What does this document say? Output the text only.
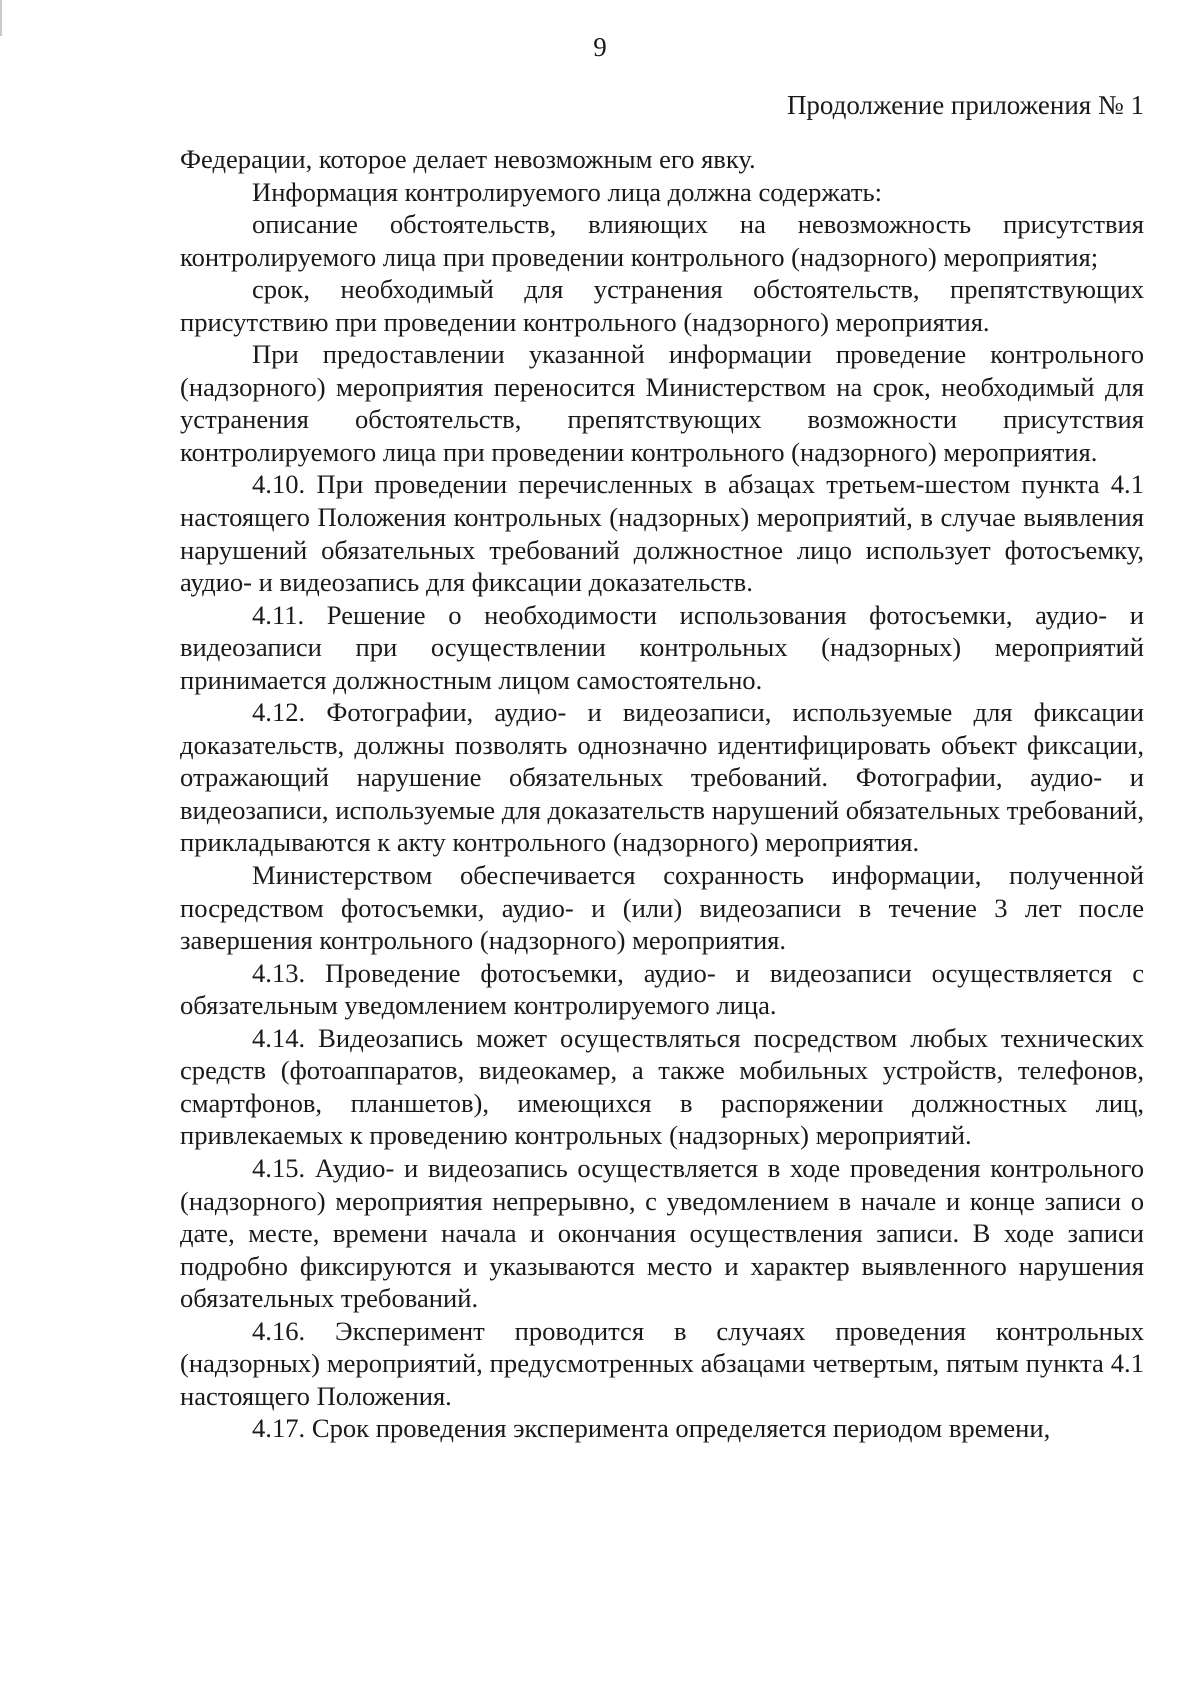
9
Продолжение приложения № 1

Федерации, которое делает невозможным его явку.

Информация контролируемого лица должна содержать:

описание обстоятельств, влияющих на невозможность присутствия контролируемого лица при проведении контрольного (надзорного) мероприятия;

срок, необходимый для устранения обстоятельств, препятствующих присутствию при проведении контрольного (надзорного) мероприятия.

При предоставлении указанной информации проведение контрольного (надзорного) мероприятия переносится Министерством на срок, необходимый для устранения обстоятельств, препятствующих возможности присутствия контролируемого лица при проведении контрольного (надзорного) мероприятия.

4.10. При проведении перечисленных в абзацах третьем-шестом пункта 4.1 настоящего Положения контрольных (надзорных) мероприятий, в случае выявления нарушений обязательных требований должностное лицо использует фотосъемку, аудио- и видеозапись для фиксации доказательств.

4.11. Решение о необходимости использования фотосъемки, аудио- и видеозаписи при осуществлении контрольных (надзорных) мероприятий принимается должностным лицом самостоятельно.

4.12. Фотографии, аудио- и видеозаписи, используемые для фиксации доказательств, должны позволять однозначно идентифицировать объект фиксации, отражающий нарушение обязательных требований. Фотографии, аудио- и видеозаписи, используемые для доказательств нарушений обязательных требований, прикладываются к акту контрольного (надзорного) мероприятия.

Министерством обеспечивается сохранность информации, полученной посредством фотосъемки, аудио- и (или) видеозаписи в течение 3 лет после завершения контрольного (надзорного) мероприятия.

4.13. Проведение фотосъемки, аудио- и видеозаписи осуществляется с обязательным уведомлением контролируемого лица.

4.14. Видеозапись может осуществляться посредством любых технических средств (фотоаппаратов, видеокамер, а также мобильных устройств, телефонов, смартфонов, планшетов), имеющихся в распоряжении должностных лиц, привлекаемых к проведению контрольных (надзорных) мероприятий.

4.15. Аудио- и видеозапись осуществляется в ходе проведения контрольного (надзорного) мероприятия непрерывно, с уведомлением в начале и конце записи о дате, месте, времени начала и окончания осуществления записи. В ходе записи подробно фиксируются и указываются место и характер выявленного нарушения обязательных требований.

4.16. Эксперимент проводится в случаях проведения контрольных (надзорных) мероприятий, предусмотренных абзацами четвертым, пятым пункта 4.1 настоящего Положения.

4.17. Срок проведения эксперимента определяется периодом времени,
